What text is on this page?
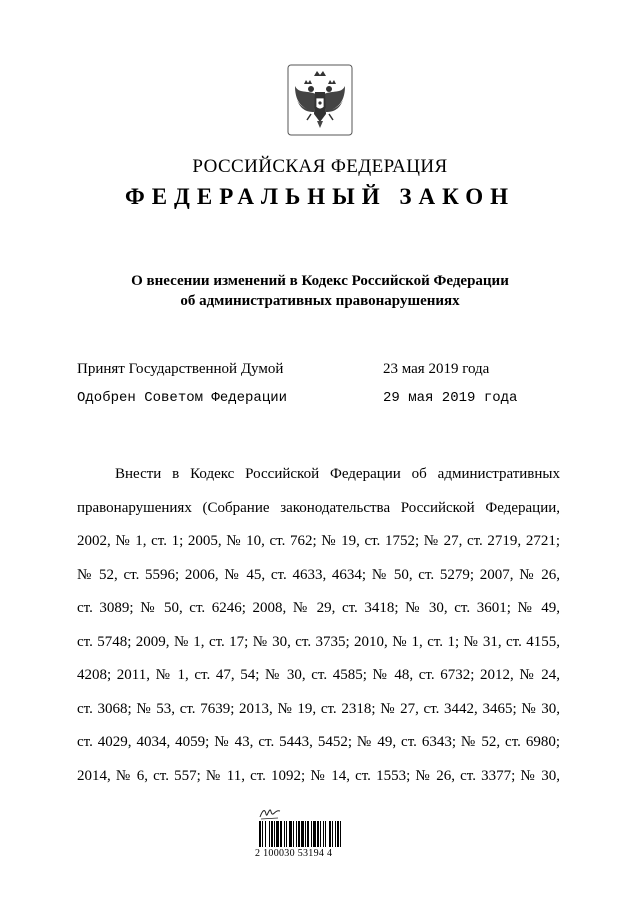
РОССИЙСКАЯ ФЕДЕРАЦИЯ
ФЕДЕРАЛЬНЫЙ ЗАКОН
О внесении изменений в Кодекс Российской Федерации
об административных правонарушениях
Принят Государственной Думой	23 мая 2019 года
Одобрен Советом Федерации	29 мая 2019 года
Внести в Кодекс Российской Федерации об административных
правонарушениях (Собрание законодательства Российской Федерации,
2002, № 1, ст. 1; 2005, № 10, ст. 762; № 19, ст. 1752; № 27, ст. 2719, 2721;
№ 52, ст. 5596; 2006, № 45, ст. 4633, 4634; № 50, ст. 5279; 2007, № 26,
ст. 3089; № 50, ст. 6246; 2008, № 29, ст. 3418; № 30, ст. 3601; № 49,
ст. 5748; 2009, № 1, ст. 17; № 30, ст. 3735; 2010, № 1, ст. 1; № 31, ст. 4155,
4208; 2011, № 1, ст. 47, 54; № 30, ст. 4585; № 48, ст. 6732; 2012, № 24,
ст. 3068; № 53, ст. 7639; 2013, № 19, ст. 2318; № 27, ст. 3442, 3465; № 30,
ст. 4029, 4034, 4059; № 43, ст. 5443, 5452; № 49, ст. 6343; № 52, ст. 6980;
2014, № 6, ст. 557; № 11, ст. 1092; № 14, ст. 1553; № 26, ст. 3377; № 30,
2 100030 53194 4
